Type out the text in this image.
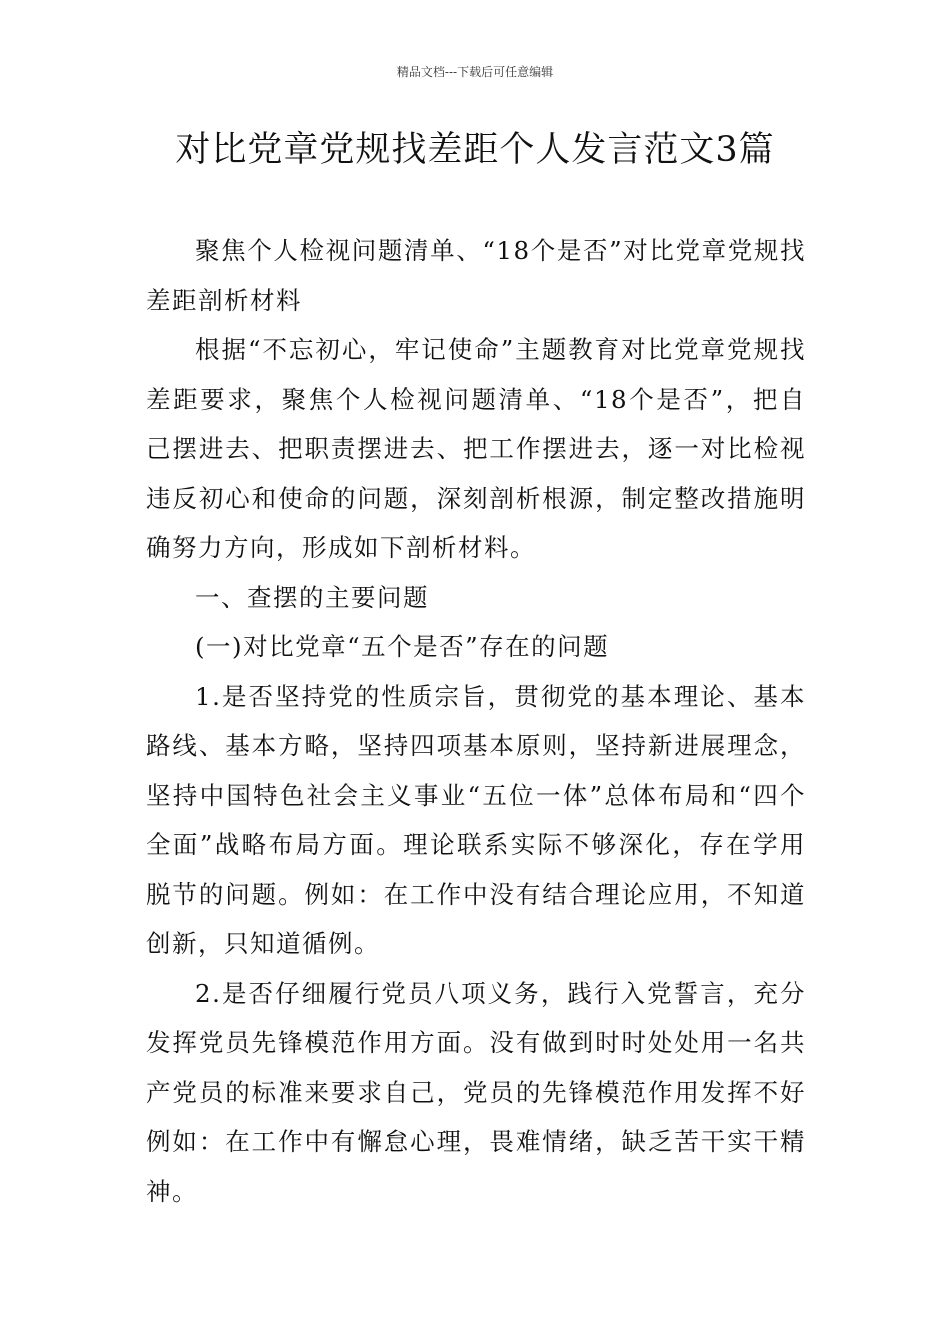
精品文档---下载后可任意编辑
对比党章党规找差距个人发言范文3篇

聚焦个人检视问题清单、“18个是否”对比党章党规找差距剖析材料

根据“不忘初心，牢记使命”主题教育对比党章党规找差距要求，聚焦个人检视问题清单、“18个是否”，把自己摆进去、把职责摆进去、把工作摆进去，逐一对比检视违反初心和使命的问题，深刻剖析根源，制定整改措施明确努力方向，形成如下剖析材料。

一、查摆的主要问题

(一)对比党章“五个是否”存在的问题

1.是否坚持党的性质宗旨，贯彻党的基本理论、基本路线、基本方略，坚持四项基本原则，坚持新进展理念，坚持中国特色社会主义事业“五位一体”总体布局和“四个全面”战略布局方面。理论联系实际不够深化，存在学用脱节的问题。例如：在工作中没有结合理论应用，不知道创新，只知道循例。

2.是否仔细履行党员八项义务，践行入党誓言，充分发挥党员先锋模范作用方面。没有做到时时处处用一名共产党员的标准来要求自己，党员的先锋模范作用发挥不好例如：在工作中有懈怠心理，畏难情绪，缺乏苦干实干精神。
